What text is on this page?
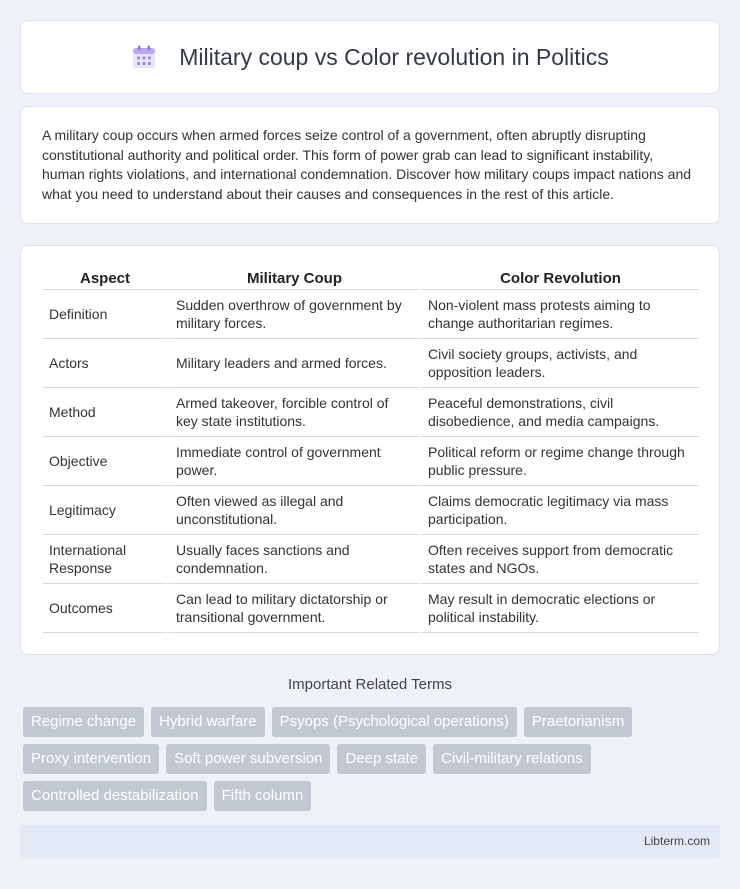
Military coup vs Color revolution in Politics

A military coup occurs when armed forces seize control of a government, often abruptly disrupting constitutional authority and political order. This form of power grab can lead to significant instability, human rights violations, and international condemnation. Discover how military coups impact nations and what you need to understand about their causes and consequences in the rest of this article.

Aspect	Military Coup	Color Revolution
Definition	Sudden overthrow of government by military forces.	Non-violent mass protests aiming to change authoritarian regimes.
Actors	Military leaders and armed forces.	Civil society groups, activists, and opposition leaders.
Method	Armed takeover, forcible control of key state institutions.	Peaceful demonstrations, civil disobedience, and media campaigns.
Objective	Immediate control of government power.	Political reform or regime change through public pressure.
Legitimacy	Often viewed as illegal and unconstitutional.	Claims democratic legitimacy via mass participation.
International Response	Usually faces sanctions and condemnation.	Often receives support from democratic states and NGOs.
Outcomes	Can lead to military dictatorship or transitional government.	May result in democratic elections or political instability.
Important Related Terms
Regime change	Hybrid warfare	Psyops (Psychological operations)	Praetorianism
Proxy intervention	Soft power subversion	Deep state	Civil-military relations
Controlled destabilization	Fifth column
Libterm.com
